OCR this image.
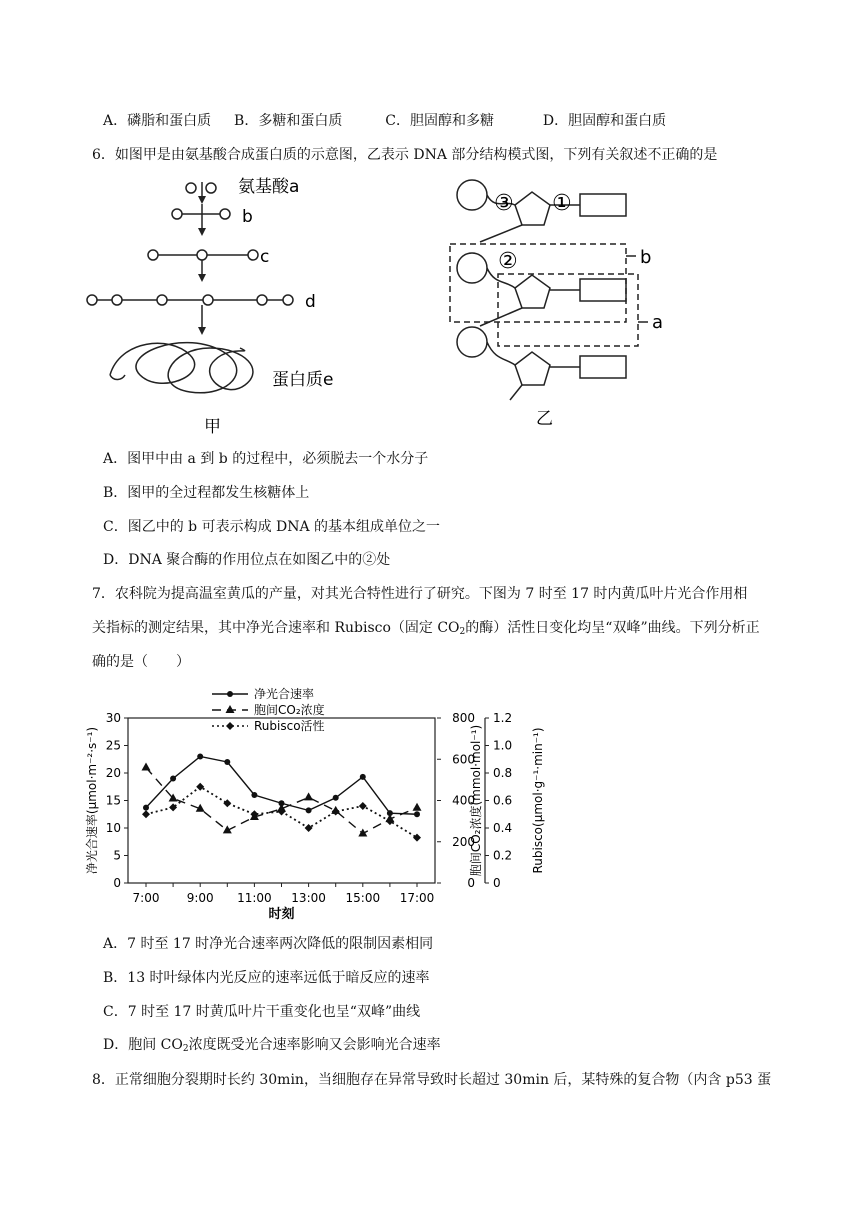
A．磷脂和蛋白质 B．多糖和蛋白质	C．胆固醇和多糖	D．胆固醇和蛋白质
6．如图甲是由氨基酸合成蛋白质的示意图，乙表示 DNA 部分结构模式图，下列有关叙述不正确的是
氨基酸a
b
c
d
蛋白质e
甲
③ ①
②	b
a
乙
A．图甲中由 a 到 b 的过程中，必须脱去一个水分子
B．图甲的全过程都发生核糖体上
C．图乙中的 b 可表示构成 DNA 的基本组成单位之一
D．DNA 聚合酶的作用位点在如图乙中的②处
7．农科院为提高温室黄瓜的产量，对其光合特性进行了研究。下图为 7 时至 17 时内黄瓜叶片光合作用相
关指标的测定结果，其中净光合速率和 Rubisco（固定 $CO_2$的酶）活性日变化均呈“双峰”曲线。下列分析正
确的是（　　）
0
5
10
15
20
25
30
0
200
400
600
800
0
0.2
0.4
0.6
0.8
1.0
1.2
7:00 9:00 11:00 13:00 15:00 17:00
时刻
净光合速率(μmol·m⁻²·s⁻¹)	胞间CO₂浓度(mmol·mol⁻¹)	Rubisco(μmol·g⁻¹·min⁻¹)
净光合速率
胞间CO₂浓度
Rubisco活性
A．7 时至 17 时净光合速率两次降低的限制因素相同
B．13 时叶绿体内光反应的速率远低于暗反应的速率
C．7 时至 17 时黄瓜叶片干重变化也呈“双峰”曲线
D．胞间 $CO_2$浓度既受光合速率影响又会影响光合速率
8．正常细胞分裂期时长约 30min，当细胞存在异常导致时长超过 30min 后，某特殊的复合物（内含 p53 蛋
